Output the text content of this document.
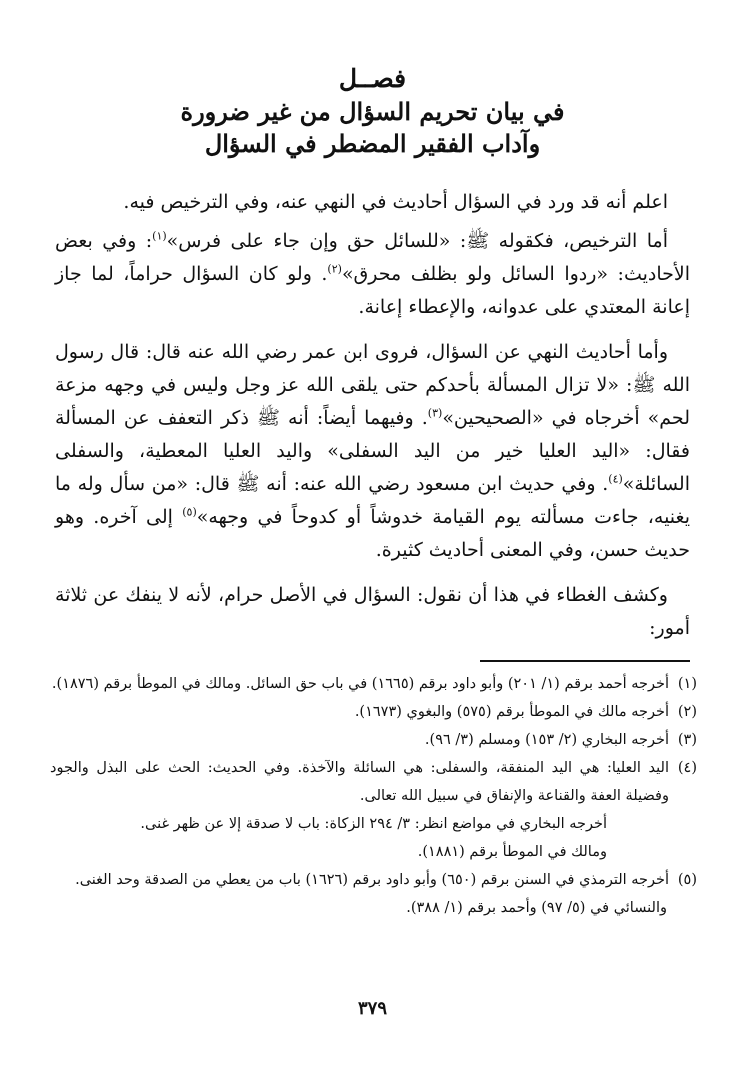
فصــل
في بيان تحريم السؤال من غير ضرورة
وآداب الفقير المضطر في السؤال

اعلم أنه قد ورد في السؤال أحاديث في النهي عنه، وفي الترخيص فيه.

أما الترخيص، فكقوله ﷺ: «للسائل حق وإن جاء على فرس»$^{(١)}$: وفي بعض الأحاديث: «ردوا السائل ولو بظلف محرق»$^{(٢)}$. ولو كان السؤال حراماً، لما جاز إعانة المعتدي على عدوانه، والإعطاء إعانة.

وأما أحاديث النهي عن السؤال، فروى ابن عمر رضي الله عنه قال: قال رسول الله ﷺ: «لا تزال المسألة بأحدكم حتى يلقى الله عز وجل وليس في وجهه مزعة لحم» أخرجاه في «الصحيحين»$^{(٣)}$. وفيهما أيضاً: أنه ﷺ ذكر التعفف عن المسألة فقال: «اليد العليا خير من اليد السفلى» واليد العليا المعطية، والسفلى السائلة»$^{(٤)}$. وفي حديث ابن مسعود رضي الله عنه: أنه ﷺ قال: «من سأل وله ما يغنيه، جاءت مسألته يوم القيامة خدوشاً أو كدوحاً في وجهه»$^{(٥)}$ إلى آخره. وهو حديث حسن، وفي المعنى أحاديث كثيرة.

وكشف الغطاء في هذا أن نقول: السؤال في الأصل حرام، لأنه لا ينفك عن ثلاثة أمور:

(١)
أخرجه أحمد برقم (١/ ٢٠١) وأبو داود برقم (١٦٦٥) في باب حق السائل. ومالك في الموطأ برقم (١٨٧٦).
(٢)
أخرجه مالك في الموطأ برقم (٥٧٥) والبغوي (١٦٧٣).
(٣)
أخرجه البخاري (٢/ ١٥٣) ومسلم (٣/ ٩٦).
(٤)
اليد العليا: هي اليد المنفقة، والسفلى: هي السائلة والآخذة. وفي الحديث: الحث على البذل والجود وفضيلة العفة والقناعة والإنفاق في سبيل الله تعالى.
أخرجه البخاري في مواضع انظر: ٣/ ٢٩٤ الزكاة: باب لا صدقة إلا عن ظهر غنى.
ومالك في الموطأ برقم (١٨٨١).
(٥)
أخرجه الترمذي في السنن برقم (٦٥٠) وأبو داود برقم (١٦٢٦) باب من يعطي من الصدقة وحد الغنى.
والنسائي في (٥/ ٩٧) وأحمد برقم (١/ ٣٨٨).
٣٧٩
